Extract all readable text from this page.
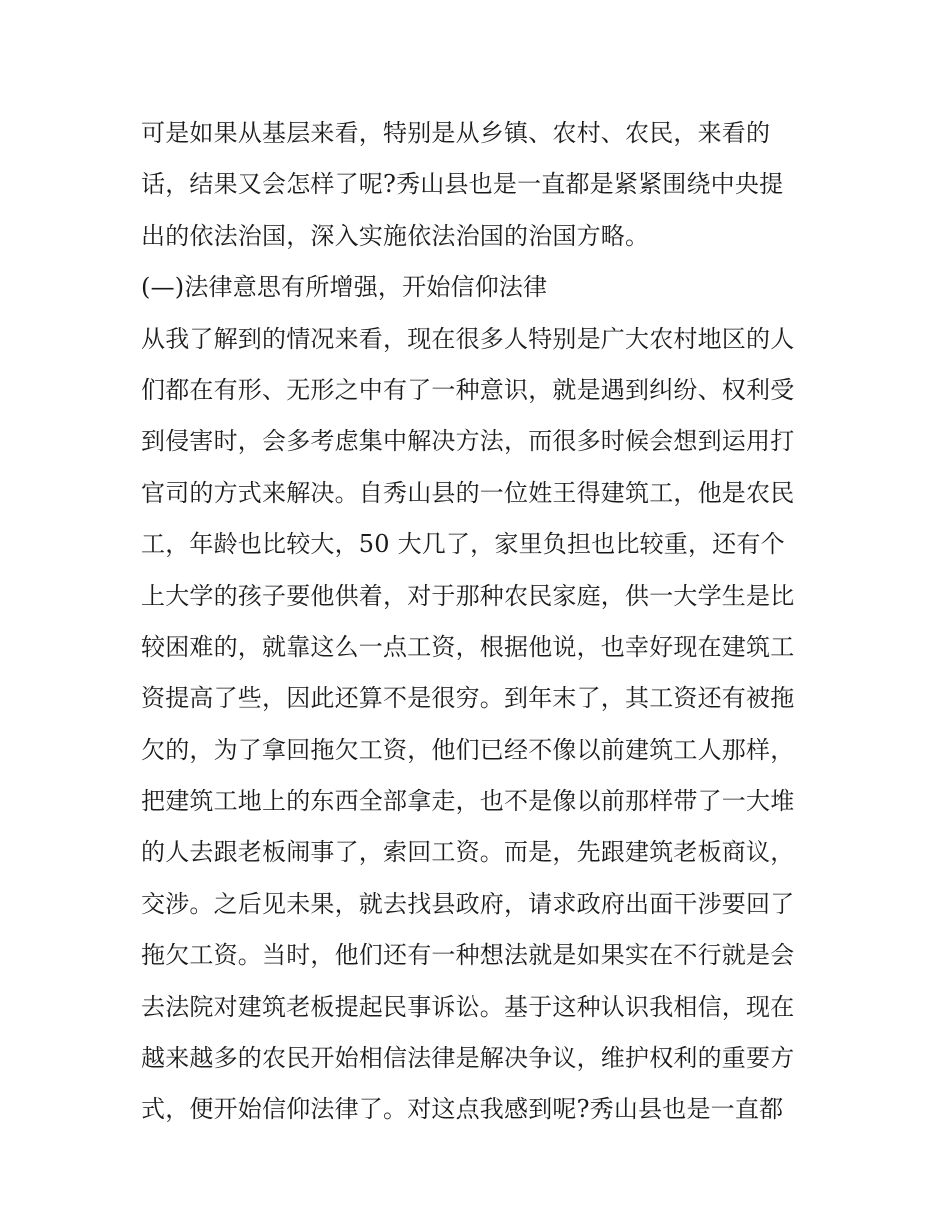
可是如果从基层来看，特别是从乡镇、农村、农民，来看的
话，结果又会怎样了呢?秀山县也是一直都是紧紧围绕中央提
出的依法治国，深入实施依法治国的治国方略。
(—)法律意思有所增强，开始信仰法律
从我了解到的情况来看，现在很多人特别是广大农村地区的人
们都在有形、无形之中有了一种意识，就是遇到纠纷、权利受
到侵害时，会多考虑集中解决方法，而很多时候会想到运用打
官司的方式来解决。自秀山县的一位姓王得建筑工，他是农民
工，年龄也比较大，50 大几了，家里负担也比较重，还有个
上大学的孩子要他供着，对于那种农民家庭，供一大学生是比
较困难的，就靠这么一点工资，根据他说，也幸好现在建筑工
资提高了些，因此还算不是很穷。到年末了，其工资还有被拖
欠的，为了拿回拖欠工资，他们已经不像以前建筑工人那样，
把建筑工地上的东西全部拿走，也不是像以前那样带了一大堆
的人去跟老板闹事了，索回工资。而是，先跟建筑老板商议，
交涉。之后见未果，就去找县政府，请求政府出面干涉要回了
拖欠工资。当时，他们还有一种想法就是如果实在不行就是会
去法院对建筑老板提起民事诉讼。基于这种认识我相信，现在
越来越多的农民开始相信法律是解决争议，维护权利的重要方
式，便开始信仰法律了。对这点我感到呢?秀山县也是一直都
